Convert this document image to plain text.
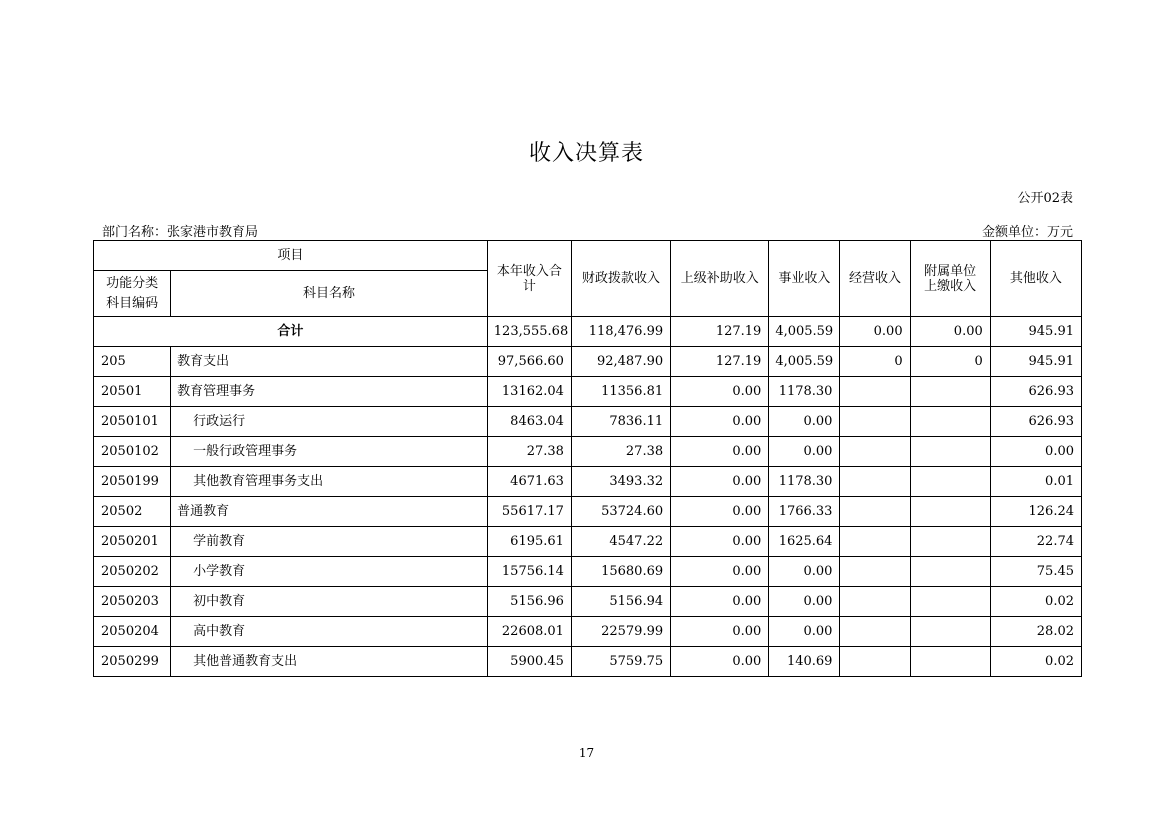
收入决算表
公开02表
部门名称：张家港市教育局	金额单位：万元
项目		本年收入合计	财政拨款收入	上级补助收入	事业收入	经营收入	附属单位上缴收入	其他收入
功能分类科目编码	科目名称							
合计		123,555.68	118,476.99	127.19	4,005.59	0.00	0.00	945.91
205	教育支出	97,566.60	92,487.90	127.19	4,005.59	0	0	945.91
20501	教育管理事务	13162.04	11356.81	0.00	1178.30			626.93
2050101	行政运行	8463.04	7836.11	0.00	0.00			626.93
2050102	一般行政管理事务	27.38	27.38	0.00	0.00			0.00
2050199	其他教育管理事务支出	4671.63	3493.32	0.00	1178.30			0.01
20502	普通教育	55617.17	53724.60	0.00	1766.33			126.24
2050201	学前教育	6195.61	4547.22	0.00	1625.64			22.74
2050202	小学教育	15756.14	15680.69	0.00	0.00			75.45
2050203	初中教育	5156.96	5156.94	0.00	0.00			0.02
2050204	高中教育	22608.01	22579.99	0.00	0.00			28.02
2050299	其他普通教育支出	5900.45	5759.75	0.00	140.69			0.02
17
